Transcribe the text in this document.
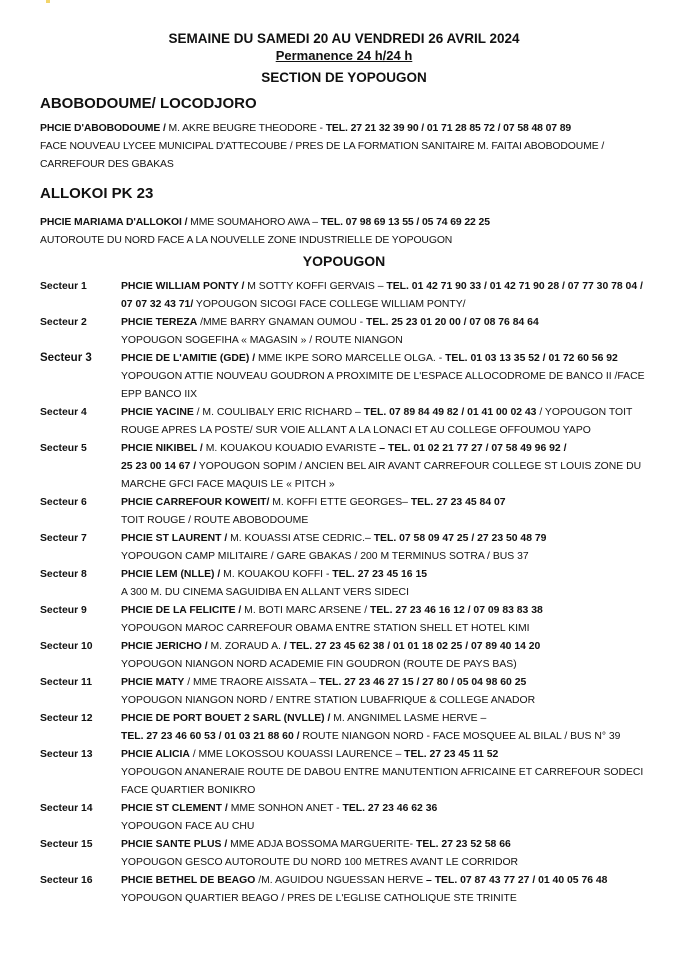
SEMAINE DU SAMEDI 20 AU VENDREDI 26 AVRIL 2024
Permanence 24 h/24 h
SECTION DE YOPOUGON
ABOBODOUME/ LOCODJORO
PHCIE D'ABOBODOUME / M. AKRE BEUGRE THEODORE - TEL. 27 21 32 39 90 / 01 71 28 85 72 / 07 58 48 07 89
FACE NOUVEAU LYCEE MUNICIPAL D'ATTECOUBE / PRES DE LA FORMATION SANITAIRE M. FAITAI ABOBODOUME /
CARREFOUR DES GBAKAS
ALLOKOI PK 23
PHCIE MARIAMA D'ALLOKOI / MME SOUMAHORO AWA – TEL. 07 98 69 13 55 / 05 74 69 22 25
AUTOROUTE DU NORD FACE A LA NOUVELLE ZONE INDUSTRIELLE DE YOPOUGON
YOPOUGON
Secteur 1	PHCIE WILLIAM PONTY / M SOTTY KOFFI GERVAIS – TEL. 01 42 71 90 33 / 01 42 71 90 28 / 07 77 30 78 04 /
07 07 32 43 71/ YOPOUGON SICOGI FACE COLLEGE WILLIAM PONTY/
Secteur 2	PHCIE TEREZA /MME BARRY GNAMAN OUMOU - TEL. 25 23 01 20 00 / 07 08 76 84 64
YOPOUGON SOGEFIHA « MAGASIN » / ROUTE NIANGON
Secteur 3	PHCIE DE L'AMITIE (GDE) / MME IKPE SORO MARCELLE OLGA. - TEL. 01 03 13 35 52 / 01 72 60 56 92
YOPOUGON ATTIE NOUVEAU GOUDRON A PROXIMITE DE L'ESPACE ALLOCODROME DE BANCO II /FACE
EPP BANCO IIX
Secteur 4	PHCIE YACINE / M. COULIBALY ERIC RICHARD – TEL. 07 89 84 49 82 / 01 41 00 02 43 / YOPOUGON TOIT
ROUGE APRES LA POSTE/ SUR VOIE ALLANT A LA LONACI ET AU COLLEGE OFFOUMOU YAPO
Secteur 5	PHCIE NIKIBEL / M. KOUAKOU KOUADIO EVARISTE – TEL. 01 02 21 77 27 / 07 58 49 96 92 /
25 23 00 14 67 / YOPOUGON SOPIM / ANCIEN BEL AIR AVANT CARREFOUR COLLEGE ST LOUIS ZONE DU
MARCHE GFCI FACE MAQUIS LE « PITCH »
Secteur 6	PHCIE CARREFOUR KOWEIT/ M. KOFFI ETTE GEORGES– TEL. 27 23 45 84 07
TOIT ROUGE / ROUTE ABOBODOUME
Secteur 7	PHCIE ST LAURENT / M. KOUASSI ATSE CEDRIC.– TEL. 07 58 09 47 25 / 27 23 50 48 79
YOPOUGON CAMP MILITAIRE / GARE GBAKAS / 200 M TERMINUS SOTRA / BUS 37
Secteur 8	PHCIE LEM (NLLE) / M. KOUAKOU KOFFI - TEL. 27 23 45 16 15
A 300 M. DU CINEMA SAGUIDIBA EN ALLANT VERS SIDECI
Secteur 9	PHCIE DE LA FELICITE / M. BOTI MARC ARSENE / TEL. 27 23 46 16 12 / 07 09 83 83 38
YOPOUGON MAROC CARREFOUR OBAMA ENTRE STATION SHELL ET HOTEL KIMI
Secteur 10	PHCIE JERICHO / M. ZORAUD A. / TEL. 27 23 45 62 38 / 01 01 18 02 25 / 07 89 40 14 20
YOPOUGON NIANGON NORD ACADEMIE FIN GOUDRON (ROUTE DE PAYS BAS)
Secteur 11	PHCIE MATY / MME TRAORE AISSATA – TEL. 27 23 46 27 15 / 27 80 / 05 04 98 60 25
YOPOUGON NIANGON NORD / ENTRE STATION LUBAFRIQUE & COLLEGE ANADOR
Secteur 12	PHCIE DE PORT BOUET 2 SARL (NVLLE) / M. ANGNIMEL LASME HERVE –
TEL. 27 23 46 60 53 / 01 03 21 88 60 / ROUTE NIANGON NORD - FACE MOSQUEE AL BILAL / BUS N° 39
Secteur 13	PHCIE ALICIA / MME LOKOSSOU KOUASSI LAURENCE – TEL. 27 23 45 11 52
YOPOUGON ANANERAIE ROUTE DE DABOU ENTRE MANUTENTION AFRICAINE ET CARREFOUR SODECI
FACE QUARTIER BONIKRO
Secteur 14	PHCIE ST CLEMENT / MME SONHON ANET - TEL. 27 23 46 62 36
YOPOUGON FACE AU CHU
Secteur 15	PHCIE SANTE PLUS / MME ADJA BOSSOMA MARGUERITE- TEL. 27 23 52 58 66
YOPOUGON GESCO AUTOROUTE DU NORD 100 METRES AVANT LE CORRIDOR
Secteur 16	PHCIE BETHEL DE BEAGO /M. AGUIDOU NGUESSAN HERVE – TEL. 07 87 43 77 27 / 01 40 05 76 48
YOPOUGON QUARTIER BEAGO / PRES DE L'EGLISE CATHOLIQUE STE TRINITE
